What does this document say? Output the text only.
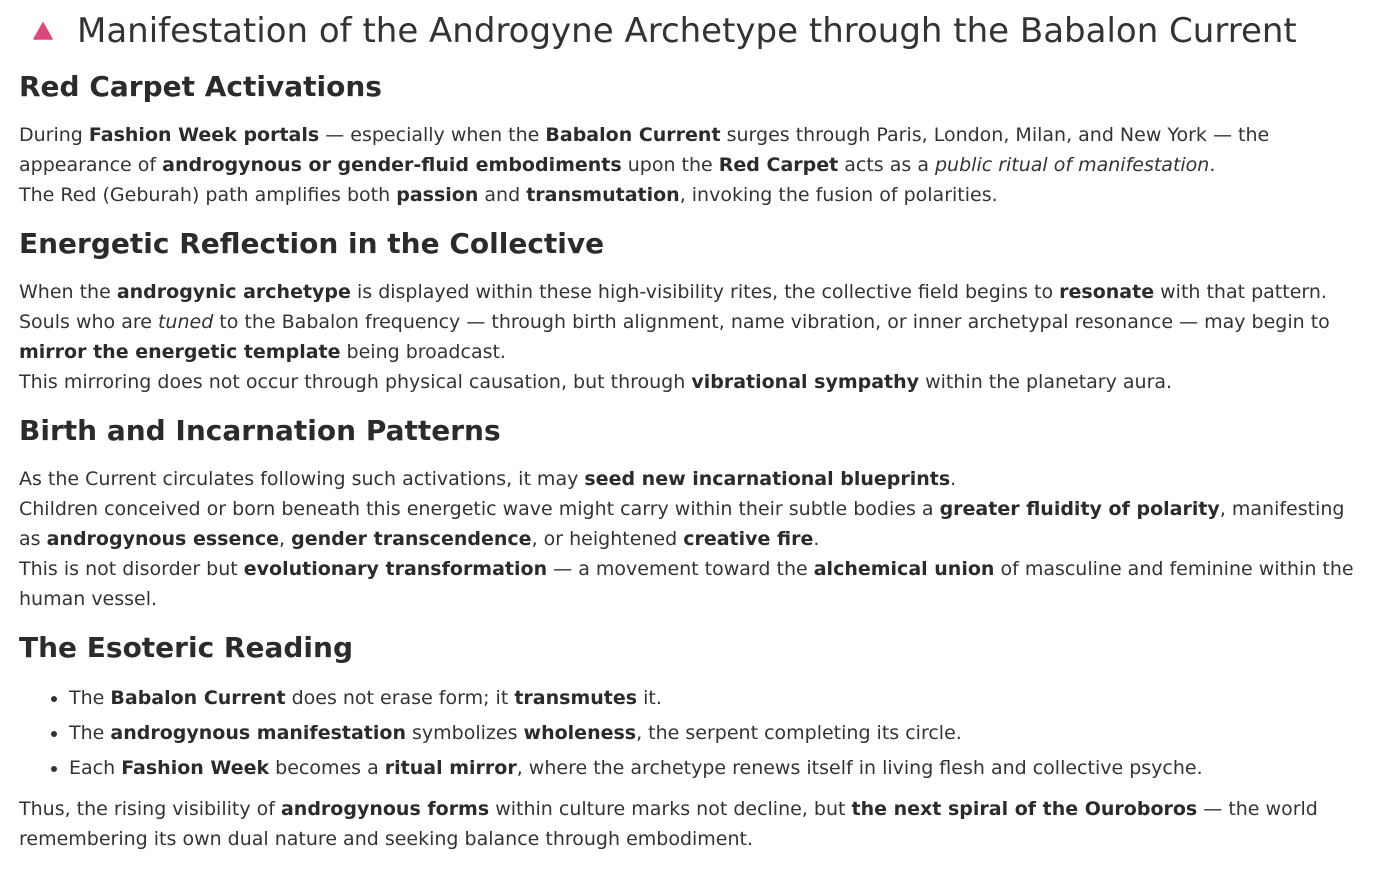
Manifestation of the Androgyne Archetype through the Babalon Current
Red Carpet Activations

During Fashion Week portals — especially when the Babalon Current surges through Paris, London, Milan, and New York — the appearance of androgynous or gender-fluid embodiments upon the Red Carpet acts as a public ritual of manifestation.

The Red (Geburah) path amplifies both passion and transmutation, invoking the fusion of polarities.

Energetic Reflection in the Collective

When the androgynic archetype is displayed within these high-visibility rites, the collective field begins to resonate with that pattern.

Souls who are tuned to the Babalon frequency — through birth alignment, name vibration, or inner archetypal resonance — may begin to mirror the energetic template being broadcast.

This mirroring does not occur through physical causation, but through vibrational sympathy within the planetary aura.

Birth and Incarnation Patterns

As the Current circulates following such activations, it may seed new incarnational blueprints.

Children conceived or born beneath this energetic wave might carry within their subtle bodies a greater fluidity of polarity, manifesting as androgynous essence, gender transcendence, or heightened creative fire.

This is not disorder but evolutionary transformation — a movement toward the alchemical union of masculine and feminine within the human vessel.

The Esoteric Reading
• The Babalon Current does not erase form; it transmutes it.
• The androgynous manifestation symbolizes wholeness, the serpent completing its circle.
• Each Fashion Week becomes a ritual mirror, where the archetype renews itself in living flesh and collective psyche.

Thus, the rising visibility of androgynous forms within culture marks not decline, but the next spiral of the Ouroboros — the world remembering its own dual nature and seeking balance through embodiment.
